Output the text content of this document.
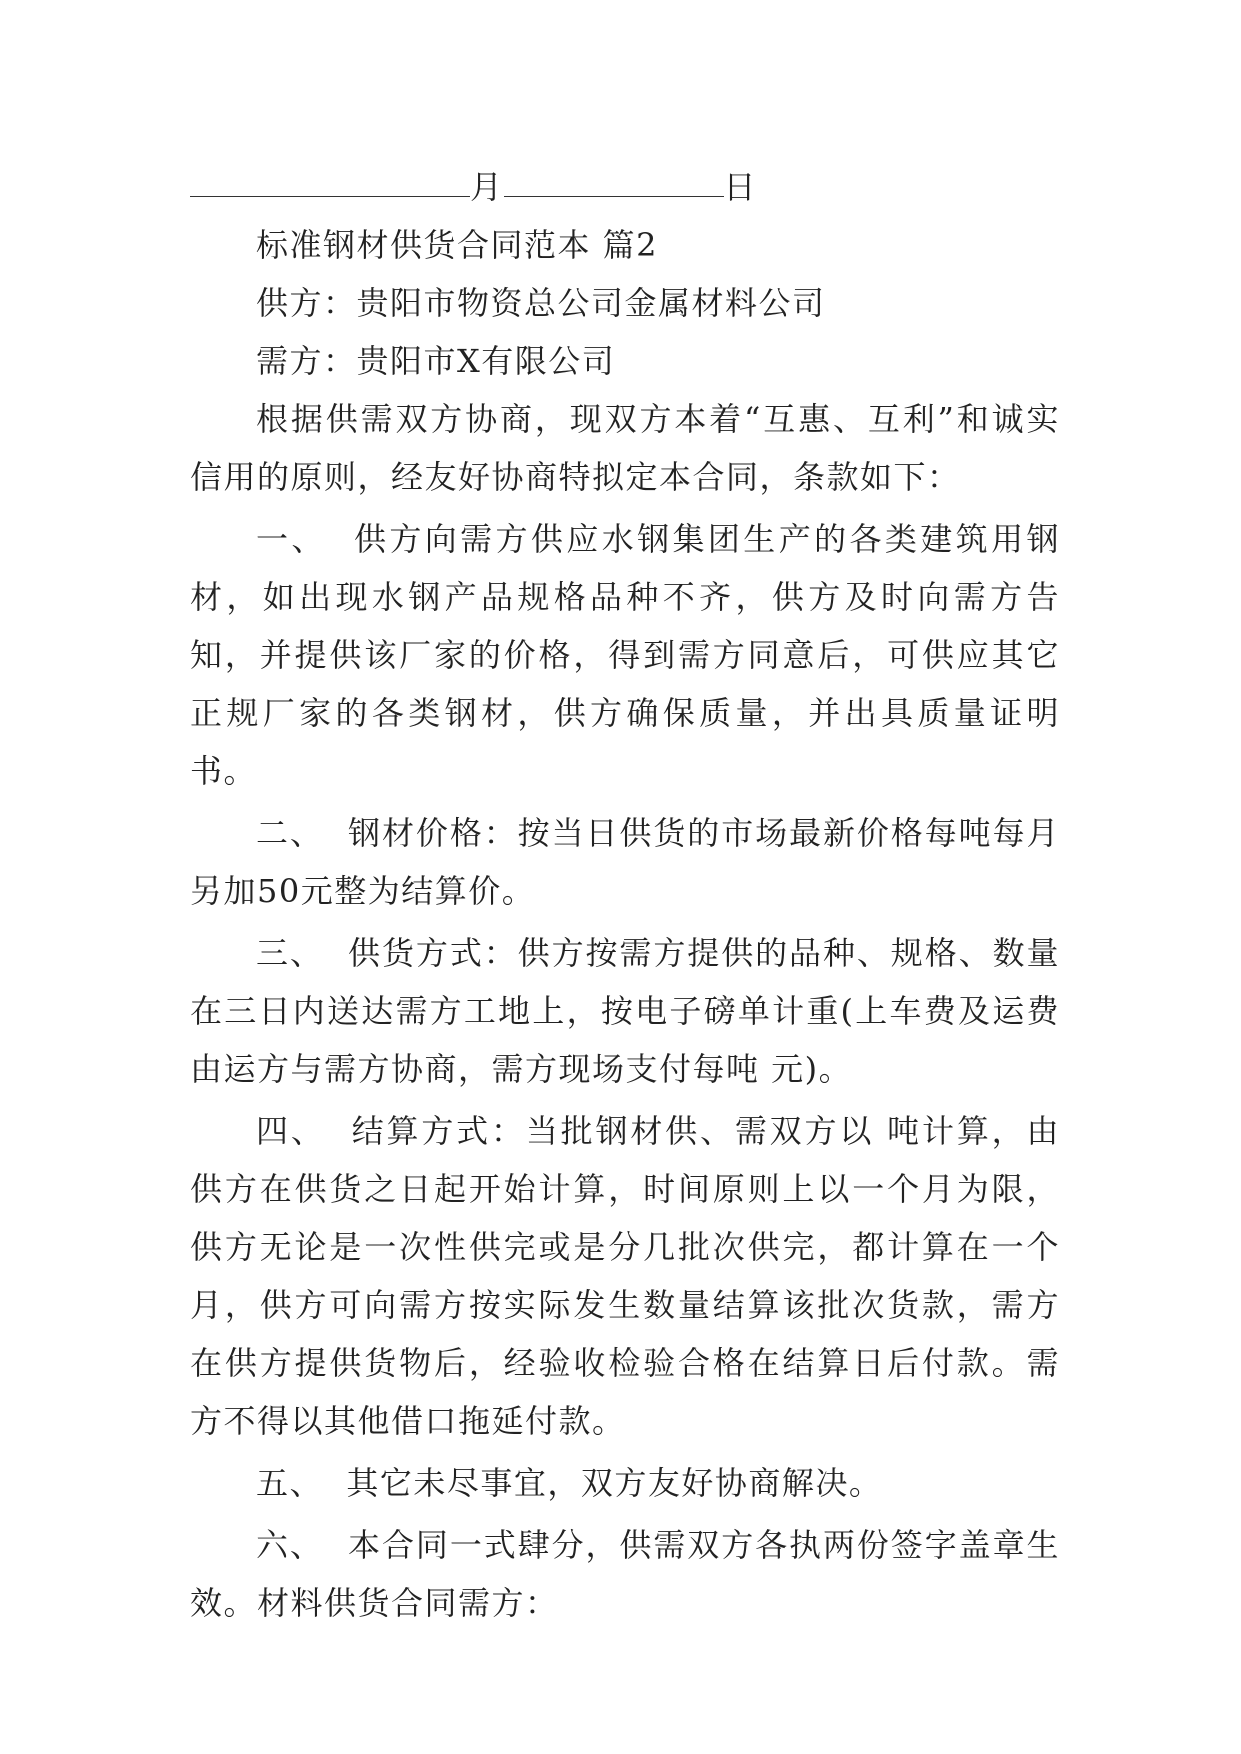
月	日
标准钢材供货合同范本 篇2
供方：贵阳市物资总公司金属材料公司
需方：贵阳市X有限公司

根据供需双方协商，现双方本着“互惠、互利”和诚实信用的原则，经友好协商特拟定本合同，条款如下：

一、 供方向需方供应水钢集团生产的各类建筑用钢材，如出现水钢产品规格品种不齐，供方及时向需方告知，并提供该厂家的价格，得到需方同意后，可供应其它正规厂家的各类钢材，供方确保质量，并出具质量证明书。

二、 钢材价格：按当日供货的市场最新价格每吨每月另加50元整为结算价。

三、 供货方式：供方按需方提供的品种、规格、数量在三日内送达需方工地上，按电子磅单计重(上车费及运费由运方与需方协商，需方现场支付每吨 元)。

四、 结算方式：当批钢材供、需双方以 吨计算，由供方在供货之日起开始计算，时间原则上以一个月为限，供方无论是一次性供完或是分几批次供完，都计算在一个月，供方可向需方按实际发生数量结算该批次货款，需方在供方提供货物后，经验收检验合格在结算日后付款。需方不得以其他借口拖延付款。

五、 其它未尽事宜，双方友好协商解决。

六、 本合同一式肆分，供需双方各执两份签字盖章生效。材料供货合同需方：
